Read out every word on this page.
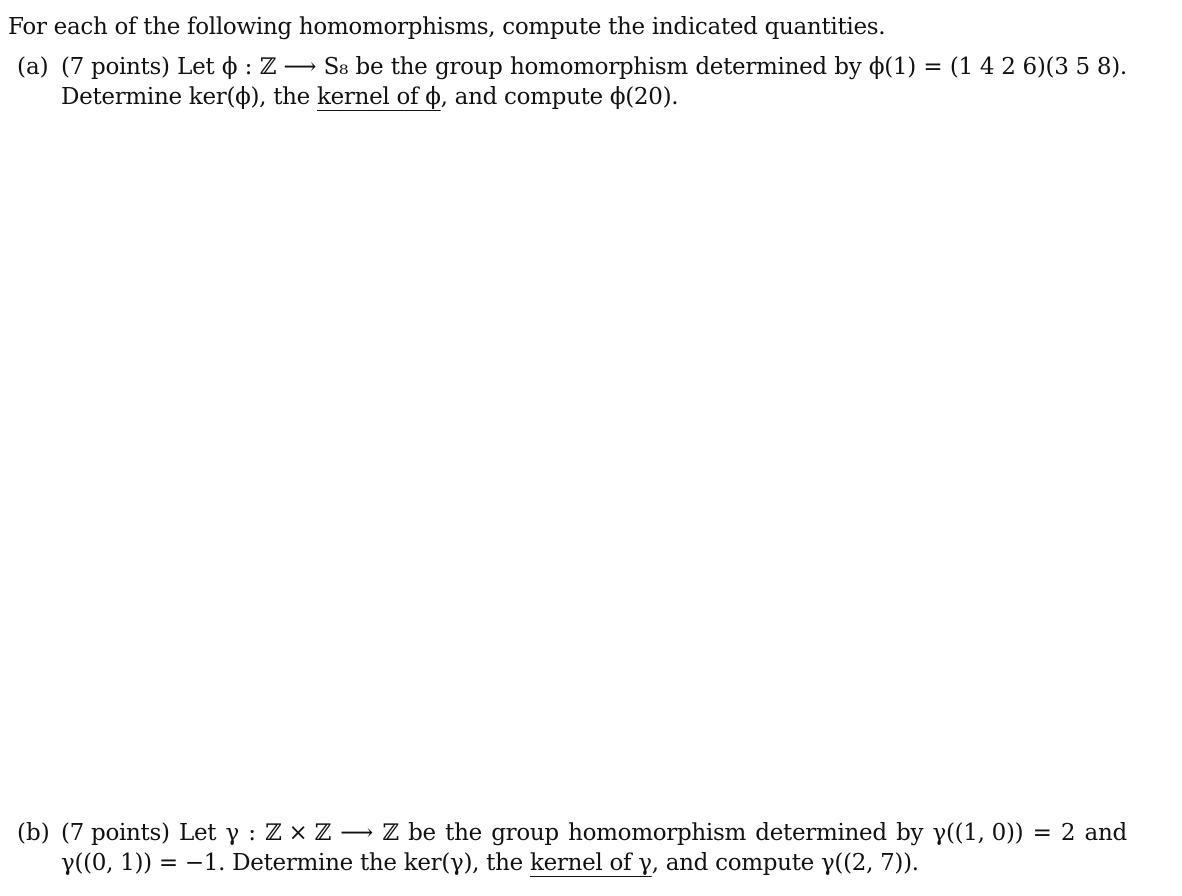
For each of the following homomorphisms, compute the indicated quantities.
(a) (7 points) Let ϕ : ℤ ⟶ S₈ be the group homomorphism determined by ϕ(1) = (1 4 2 6)(3 5 8).
Determine ker(ϕ), the kernel of ϕ, and compute ϕ(20).
(b) (7 points) Let γ : ℤ × ℤ ⟶ ℤ be the group homomorphism determined by γ((1, 0)) = 2 and
γ((0, 1)) = −1. Determine the ker(γ), the kernel of γ, and compute γ((2, 7)).
